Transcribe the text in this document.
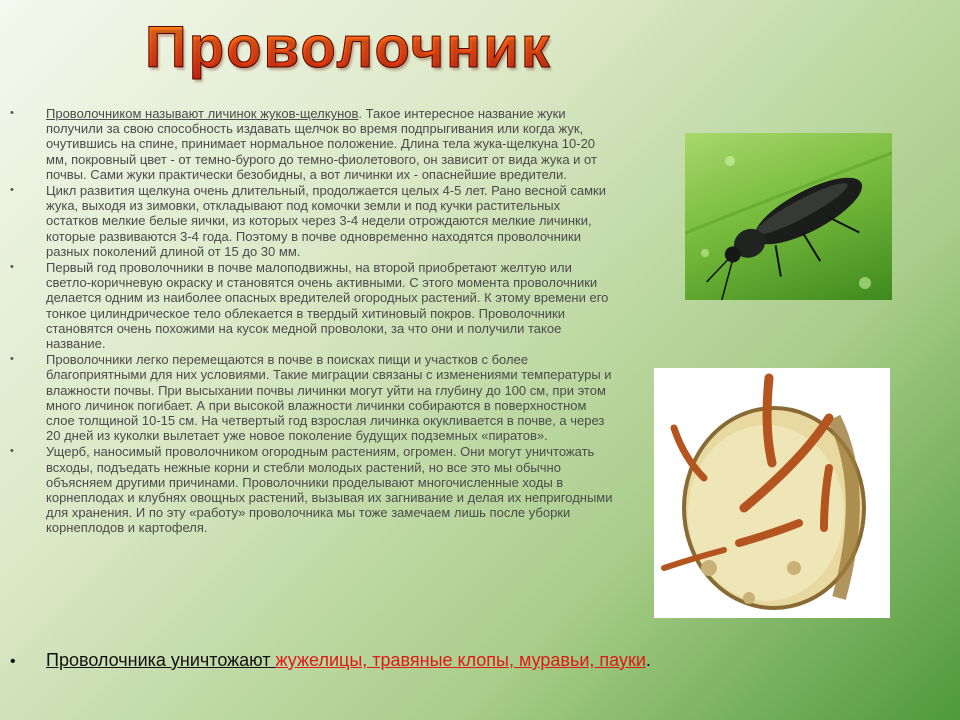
Проволочник
•	Проволочником называют личинок жуков-щелкунов. Такое интересное название жуки получили за свою способность издавать щелчок во время подпрыгивания или когда жук, очутившись на спине, принимает нормальное положение. Длина тела жука-щелкуна 10-20 мм, покровный цвет - от темно-бурого до темно-фиолетового, он зависит от вида жука и от почвы. Сами жуки практически безобидны, а вот личинки их - опаснейшие вредители.
•	Цикл развития щелкуна очень длительный, продолжается целых 4-5 лет. Рано весной самки жука, выходя из зимовки, откладывают под комочки земли и под кучки растительных остатков мелкие белые яички, из которых через 3-4 недели отрождаются мелкие личинки, которые развиваются 3-4 года. Поэтому в почве одновременно находятся проволочники разных поколений длиной от 15 до 30 мм.
•	Первый год проволочники в почве малоподвижны, на второй приобретают желтую или светло-коричневую окраску и становятся очень активными. С этого момента проволочники делается одним из наиболее опасных вредителей огородных растений. К этому времени его тонкое цилиндрическое тело облекается в твердый хитиновый покров. Проволочники становятся очень похожими на кусок медной проволоки, за что они и получили такое название.
•	Проволочники легко перемещаются в почве в поисках пищи и участков с более благоприятными для них условиями. Такие миграции связаны с изменениями температуры и влажности почвы. При высыхании почвы личинки могут уйти на глубину до 100 см, при этом много личинок погибает. А при высокой влажности личинки собираются в поверхностном слое толщиной 10-15 см. На четвертый год взрослая личинка окукливается в почве, а через 20 дней из куколки вылетает уже новое поколение будущих подземных «пиратов».
•	Ущерб, наносимый проволочником огородным растениям, огромен. Они могут уничтожать всходы, подъедать нежные корни и стебли молодых растений, но все это мы обычно объясняем другими причинами. Проволочники проделывают многочисленные ходы в корнеплодах и клубнях овощных растений, вызывая их загнивание и делая их непригодными для хранения. И по эту «работу» проволочника мы тоже замечаем лишь после уборки корнеплодов и картофеля.
•	Проволочника уничтожают жужелицы, травяные клопы, муравьи, пауки.
